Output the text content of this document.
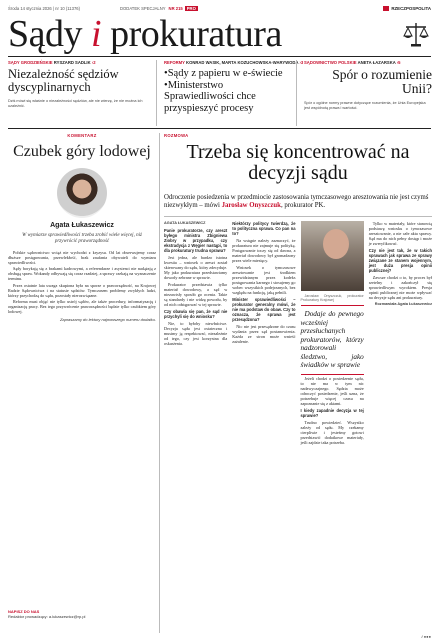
Środa 14 stycznia 2026 | nr 10 (11376)	DODATEK SPECJALNY NR 215 PRO	RZECZPOSPOLITA
Sądy i prokuratura
SĄDY GRODZIEŃSKIE RYSZARD SADLIK ›2
Niezależność sędziów dyscyplinarnych
Dziś mówi się właśnie o niezależności sędziów, ale nie wierzę, że nie można ich uzależnić.
REFORMY KONRAD WASIK, MARTA KOZUCHOWSKA-WARYWODA ›3
• Sądy z papieru w e-świecie
• Ministerstwo Sprawiedliwości chce przyspieszyć procesy
SĄDOWNICTWO POLSKIE ANETA ŁAZARSKA ›5
Spór o rozumienie Unii?
Spór o ogólne normy prawne dotyczące rozumienia, że Unia Europejska jest wspólnotą prawa i wartości.
KOMENTARZ
Czubek góry lodowej
Agata Łukaszewicz
W wymiarze sprawiedliwości trzeba zrobić wiele więcej, niż przywrócić praworządność

Polskie sądownictwo wciąż nie wychodzi z kryzysu. Od lat obserwujemy coraz dłuższe postępowania, przewlekłość, brak zaufania obywateli do wymiaru sprawiedliwości.

Sądy borykają się z brakami kadrowymi, a referendarze i asystenci nie nadążają z obsługą spraw. Wokandy odbywają się coraz rzadziej, a sprawy czekają na wyznaczenie terminu.

Przez ostatnie lata uwaga skupiona była na sporze o praworządność, na Krajowej Radzie Sądownictwa i na statusie sędziów. Tymczasem problemy zwykłych ludzi, którzy przychodzą do sądu, pozostały nierozwiązane.

Reforma musi objąć nie tylko ustrój sądów, ale także procedury, informatyzację i organizację pracy. Bez tego przywrócenie praworządności będzie tylko czubkiem góry lodowej.

Zapraszamy do lektury najnowszego numeru dodatku.
NAPISZ DO NAS
Redaktor prowadzący: a.lukaszewicz@rp.pl
ROZMOWA
Trzeba się koncentrować na decyzji sądu
Odroczenie posiedzenia w przedmiocie zastosowania tymczasowego aresztowania nie jest czymś niezwykłym – mówi Jarosław Onyszczuk, prokurator PK.

AGATA ŁUKASZEWICZ

Panie prokuratorze, czy areszt byłego ministra Zbigniewa Ziobry w przypadku, czy ekstradycja z Węgier nastąpi, to dla prokuratury trudna sprawa?

Jest jedna, ale bardzo istotna kwestia – wniosek o areszt został skierowany do sądu, który zdecyduje. My jako prokuratura przedstawiamy dowody zebrane w sprawie.

Prokurator przedstawia tylko materiał dowodowy, a sąd w niezawisły sposób go ocenia. Takie są standardy i nie widzę powodu, by od nich odstępować w tej sprawie.

Czy obawia się pan, że sąd nie przychyli się do wniosku?

Nie, to byłoby niewłaściwe. Decyzja sądu jest ostateczna i musimy ją respektować, niezależnie od tego, czy jest korzystna dla oskarżenia.

Niektórzy politycy twierdzą, że to polityczna sprawa. Co pan na to?

Na wstępie należy zaznaczyć, że prokuratura nie zajmuje się polityką. Postępowanie toczy się od dawna, a materiał dowodowy był gromadzony przez wiele miesięcy.

Wniosek o tymczasowe aresztowanie jest środkiem przewidzianym przez kodeks postępowania karnego i stosujemy go wobec wszystkich podejrzanych, bez względu na funkcję, jaką pełnili.

Minister sprawiedliwości – prokurator generalny mówi, że nie ma podstaw do obaw. Czy to oznacza, że sprawa jest przesądzona?

Nic nie jest przesądzone do czasu wydania przez sąd postanowienia. Każda ze stron może wnieść zażalenie.

Jarosław Onyszczuk, prokurator Prokuratury Krajowej

Dodaje do pewnego wcześniej przesłuchanych prokuratorów, którzy nadzorowali śledztwo, jako świadków w sprawie

Jeżeli chodzi o posiedzenie sądu, to nie ma w tym nic nadzwyczajnego. Sędzia może odroczyć posiedzenie, jeśli uzna, że potrzebuje więcej czasu na zapoznanie się z aktami.

I kiedy zapadnie decyzja w tej sprawie?

Trudno powiedzieć. Wszystko zależy od sądu. My czekamy cierpliwie i jesteśmy gotowi przedstawić dodatkowe materiały, jeśli zajdzie taka potrzeba.

Tylko w materiały, które stanowią podstawę wniosku o tymczasowe aresztowanie, a nie całe akta sprawy. Sąd ma do nich pełny dostęp i może je zweryfikować.

Czy nie jest tak, że w takich sprawach jak sprawa ze sprawy związane ze stanem wojennym, jest duża presja opinii publicznej?

Zawsze chodzi o to, by proces był rzetelny i zakończył się sprawiedliwym wyrokiem. Presja opinii publicznej nie może wpływać na decyzje sądu ani prokuratury.

Rozmawiała Agata Łukaszewicz

/ ●●●
